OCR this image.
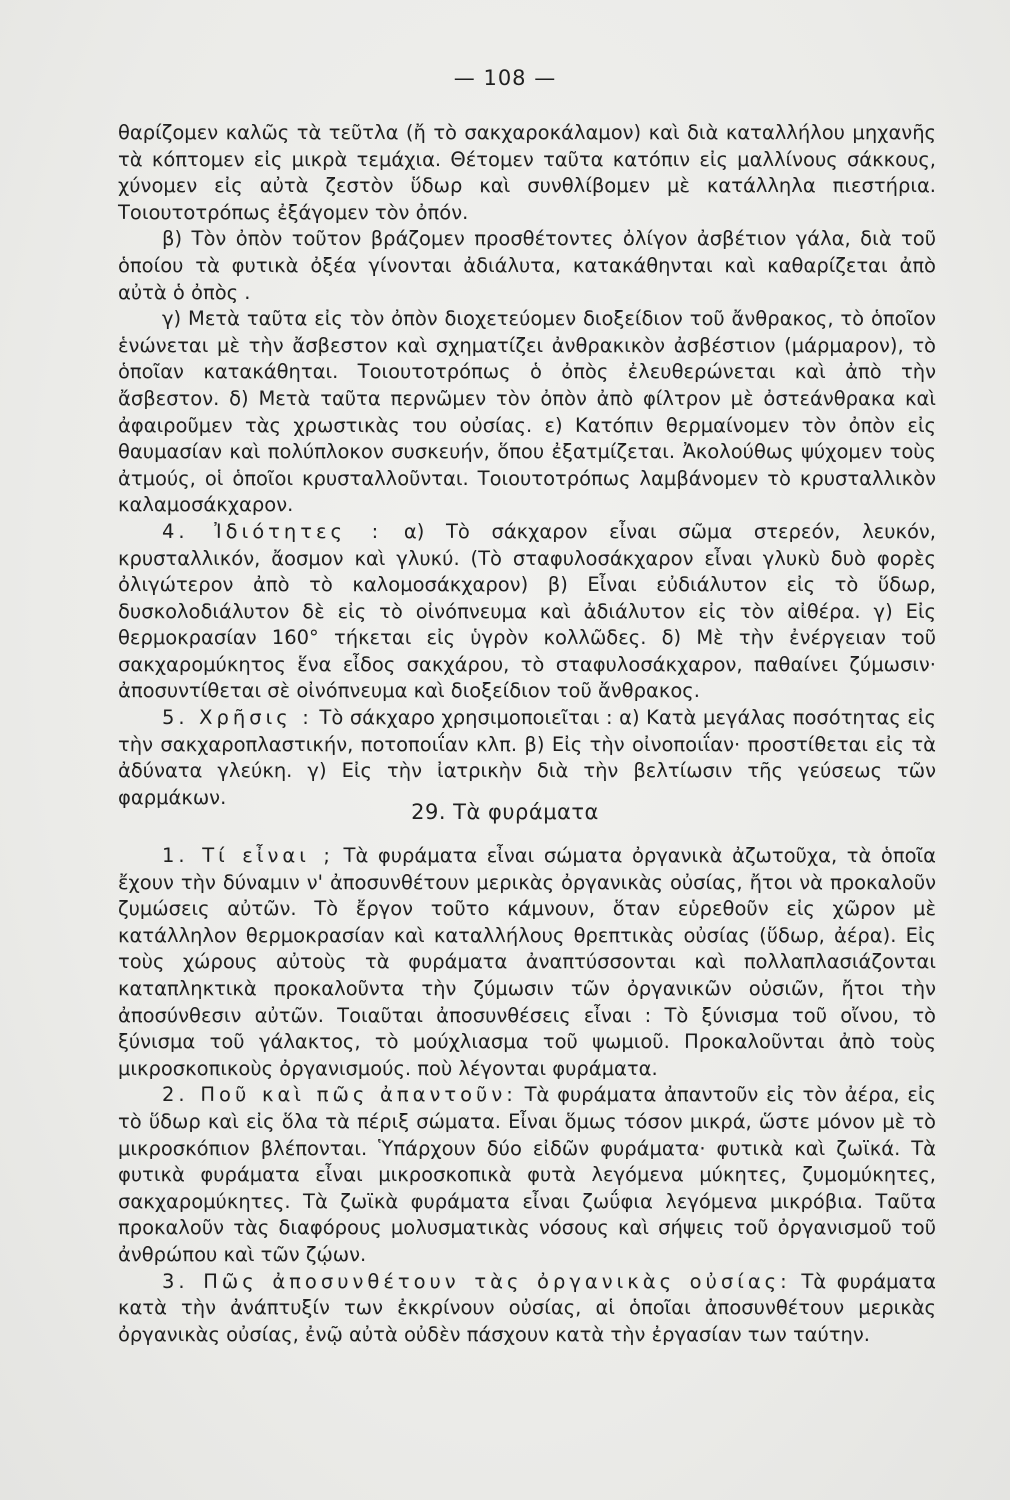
— 108 —

θαρίζομεν καλῶς τὰ τεῦτλα (ἤ τὸ σακχαροκάλαμον) καὶ διὰ καταλλήλου μηχανῆς τὰ κόπτομεν εἰς μικρὰ τεμάχια. Θέτομεν ταῦτα κατόπιν εἰς μαλλίνους σάκκους, χύνομεν εἰς αὐτὰ ζεστὸν ὕδωρ καὶ συνθλίβομεν μὲ κατάλληλα πιεστήρια. Τοιουτοτρόπως ἐξάγομεν τὸν ὀπόν.

β) Τὸν ὀπὸν τοῦτον βράζομεν προσθέτοντες ὀλίγον ἀσβέτιον γάλα, διὰ τοῦ ὁποίου τὰ φυτικὰ ὀξέα γίνονται ἀδιάλυτα, κατακάθηνται καὶ καθαρίζεται ἀπὸ αὐτὰ ὁ ὀπὸς .

γ) Μετὰ ταῦτα εἰς τὸν ὀπὸν διοχετεύομεν διοξείδιον τοῦ ἄνθρακος, τὸ ὁποῖον ἑνώνεται μὲ τὴν ἄσβεστον καὶ σχηματίζει ἀνθρακικὸν ἀσβέστιον (μάρμαρον), τὸ ὁποῖαν κατακάθηται. Τοιουτοτρόπως ὁ ὀπὸς ἐλευθερώνεται καὶ ἀπὸ τὴν ἄσβεστον. δ) Μετὰ ταῦτα περνῶμεν τὸν ὀπὸν ἀπὸ φίλτρον μὲ ὀστεάνθρακα καὶ ἀφαιροῦμεν τὰς χρωστικὰς του οὐσίας. ε) Κατόπιν θερμαίνομεν τὸν ὀπὸν εἰς θαυμασίαν καὶ πολύπλοκον συσκευήν, ὅπου ἐξατμίζεται. Ἀκολούθως ψύχομεν τοὺς ἀτμούς, οἱ ὁποῖοι κρυσταλλοῦνται. Τοιουτοτρόπως λαμβάνομεν τὸ κρυσταλλικὸν καλαμοσάκχαρον.

4. Ἰδιότητες : α) Τὸ σάκχαρον εἶναι σῶμα στερεόν, λευκόν, κρυσταλλικόν, ἄοσμον καὶ γλυκύ. (Τὸ σταφυλοσάκχαρον εἶναι γλυκὺ δυὸ φορὲς ὀλιγώτερον ἀπὸ τὸ καλομοσάκχαρον) β) Εἶναι εὐδιάλυτον εἰς τὸ ὕδωρ, δυσκολοδιάλυτον δὲ εἰς τὸ οἰνόπνευμα καὶ ἀδιάλυτον εἰς τὸν αἰθέρα. γ) Εἰς θερμοκρασίαν 160° τήκεται εἰς ὑγρὸν κολλῶδες. δ) Μὲ τὴν ἐνέργειαν τοῦ σακχαρομύκητος ἕνα εἶδος σακχάρου, τὸ σταφυλοσάκχαρον, παθαίνει ζύμωσιν· ἀποσυντίθεται σὲ οἰνόπνευμα καὶ διοξείδιον τοῦ ἄνθρακος.

5. Χρῆσις : Τὸ σάκχαρο χρησιμοποιεῖται : α) Κατὰ μεγάλας ποσότητας εἰς τὴν σακχαροπλαστικήν, ποτοποιΐαν κλπ. β) Εἰς τὴν οἰνοποιΐαν· προστίθεται εἰς τὰ ἀδύνατα γλεύκη. γ) Εἰς τὴν ἰατρικὴν διὰ τὴν βελτίωσιν τῆς γεύσεως τῶν φαρμάκων.

29. Τὰ φυράματα

1. Τί εἶναι ; Τὰ φυράματα εἶναι σώματα ὀργανικὰ ἀζωτοῦχα, τὰ ὁποῖα ἔχουν τὴν δύναμιν ν' ἀποσυνθέτουν μερικὰς ὀργανικὰς οὐσίας, ἤτοι νὰ προκαλοῦν ζυμώσεις αὐτῶν. Τὸ ἔργον τοῦτο κάμνουν, ὅταν εὑρεθοῦν εἰς χῶρον μὲ κατάλληλον θερμοκρασίαν καὶ καταλλήλους θρεπτικὰς οὐσίας (ὕδωρ, ἀέρα). Εἰς τοὺς χώρους αὐτοὺς τὰ φυράματα ἀναπτύσσονται καὶ πολλαπλασιάζονται καταπληκτικὰ προκαλοῦντα τὴν ζύμωσιν τῶν ὀργανικῶν οὐσιῶν, ἤτοι τὴν ἀποσύνθεσιν αὐτῶν. Τοιαῦται ἀποσυνθέσεις εἶναι : Τὸ ξύνισμα τοῦ οἴνου, τὸ ξύνισμα τοῦ γάλακτος, τὸ μούχλιασμα τοῦ ψωμιοῦ. Προκαλοῦνται ἀπὸ τοὺς μικροσκοπικοὺς ὀργανισμούς. ποὺ λέγονται φυράματα.

2. Ποῦ καὶ πῶς ἀπαντοῦν: Τὰ φυράματα ἀπαντοῦν εἰς τὸν ἀέρα, εἰς τὸ ὕδωρ καὶ εἰς ὅλα τὰ πέριξ σώματα. Εἶναι ὅμως τόσον μικρά, ὥστε μόνον μὲ τὸ μικροσκόπιον βλέπονται. Ὑπάρχουν δύο εἰδῶν φυράματα· φυτικὰ καὶ ζωϊκά. Τὰ φυτικὰ φυράματα εἶναι μικροσκοπικὰ φυτὰ λεγόμενα μύκητες, ζυμομύκητες, σακχαρομύκητες. Τὰ ζωϊκὰ φυράματα εἶναι ζωΰφια λεγόμενα μικρόβια. Ταῦτα προκαλοῦν τὰς διαφόρους μολυσματικὰς νόσους καὶ σήψεις τοῦ ὀργανισμοῦ τοῦ ἀνθρώπου καὶ τῶν ζῴων.

3. Πῶς ἀποσυνθέτουν τὰς ὀργανικὰς οὐσίας: Τὰ φυράματα κατὰ τὴν ἀνάπτυξίν των ἐκκρίνουν οὐσίας, αἱ ὁποῖαι ἀποσυνθέτουν μερικὰς ὀργανικὰς οὐσίας, ἐνῷ αὐτὰ οὐδὲν πάσχουν κατὰ τὴν ἐργασίαν των ταύτην.
